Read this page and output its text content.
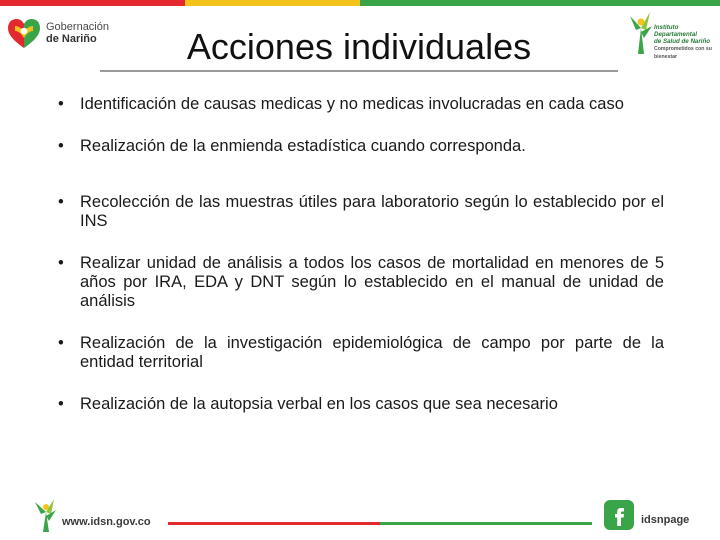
Gobernación
de Nariño	Acciones individuales	Instituto
Departamental
de Salud de Nariño
Comprometidos con su bienestar
• Identificación de causas medicas y no medicas involucradas en cada caso
• Realización de la enmienda estadística cuando corresponda.
• Recolección de las muestras útiles para laboratorio según lo establecido por el INS
• Realizar unidad de análisis a todos los casos de mortalidad en menores de 5 años por IRA, EDA y DNT según lo establecido en el manual de unidad de análisis
• Realización de la investigación epidemiológica de campo por parte de la entidad territorial
• Realización de la autopsia verbal en los casos que sea necesario
www.idsn.gov.co	idsnpage
